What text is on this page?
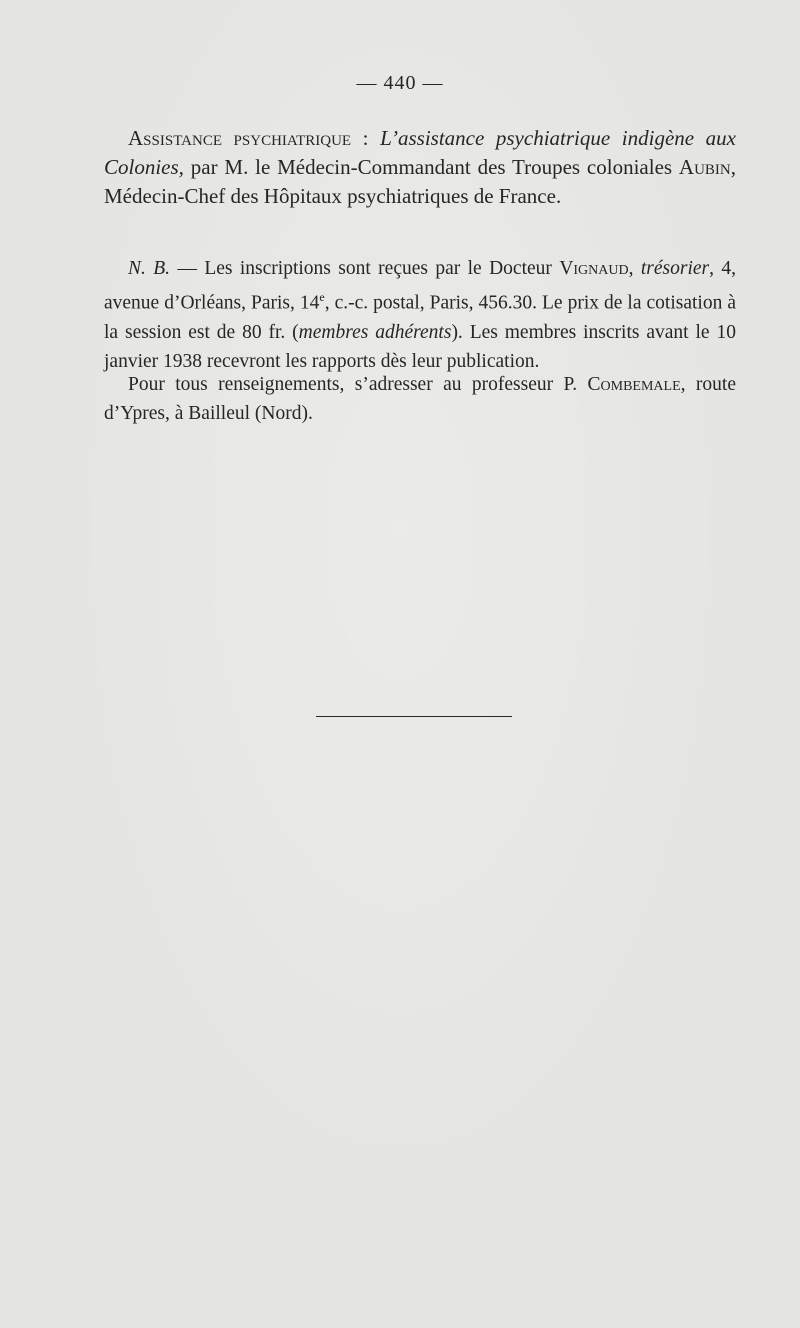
— 440 —
Assistance psychiatrique : L’assistance psychiatrique indigène aux Colonies, par M. le Médecin-Commandant des Troupes coloniales Aubin, Médecin-Chef des Hôpitaux psychiatriques de France.

N. B. — Les inscriptions sont reçues par le Docteur Vignaud, trésorier, 4, avenue d’Orléans, Paris, 14e, c.-c. postal, Paris, 456.30. Le prix de la cotisation à la session est de 80 fr. (membres adhérents). Les membres inscrits avant le 10 janvier 1938 recevront les rapports dès leur publication.

Pour tous renseignements, s’adresser au professeur P. Combemale, route d’Ypres, à Bailleul (Nord).
